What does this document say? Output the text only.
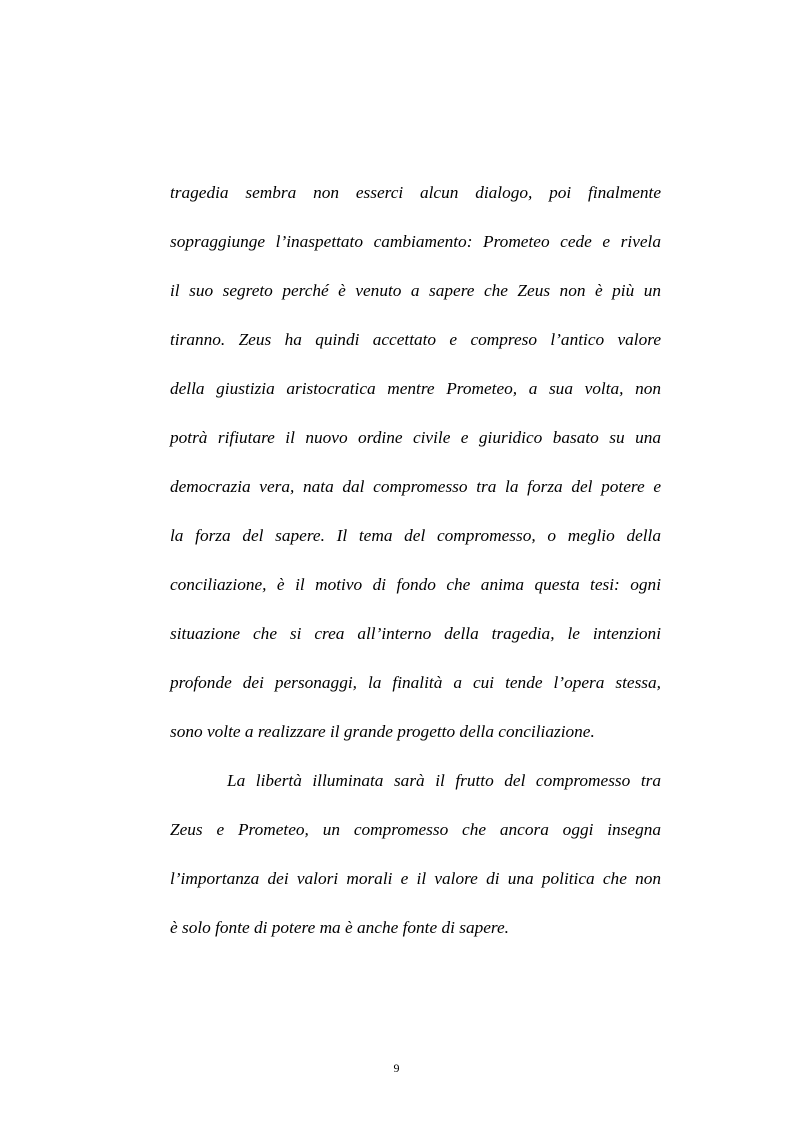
tragedia sembra non esserci alcun dialogo, poi finalmente
sopraggiunge l’inaspettato cambiamento: Prometeo cede e rivela
il suo segreto perché è venuto a sapere che Zeus non è più un
tiranno. Zeus ha quindi accettato e compreso l’antico valore
della giustizia aristocratica mentre Prometeo, a sua volta, non
potrà rifiutare il nuovo ordine civile e giuridico basato su una
democrazia vera, nata dal compromesso tra la forza del potere e
la forza del sapere. Il tema del compromesso, o meglio della
conciliazione, è il motivo di fondo che anima questa tesi: ogni
situazione che si crea all’interno della tragedia, le intenzioni
profonde dei personaggi, la finalità a cui tende l’opera stessa,
sono volte a realizzare il grande progetto della conciliazione.
La libertà illuminata sarà il frutto del compromesso tra
Zeus e Prometeo, un compromesso che ancora oggi insegna
l’importanza dei valori morali e il valore di una politica che non
è solo fonte di potere ma è anche fonte di sapere.
9
